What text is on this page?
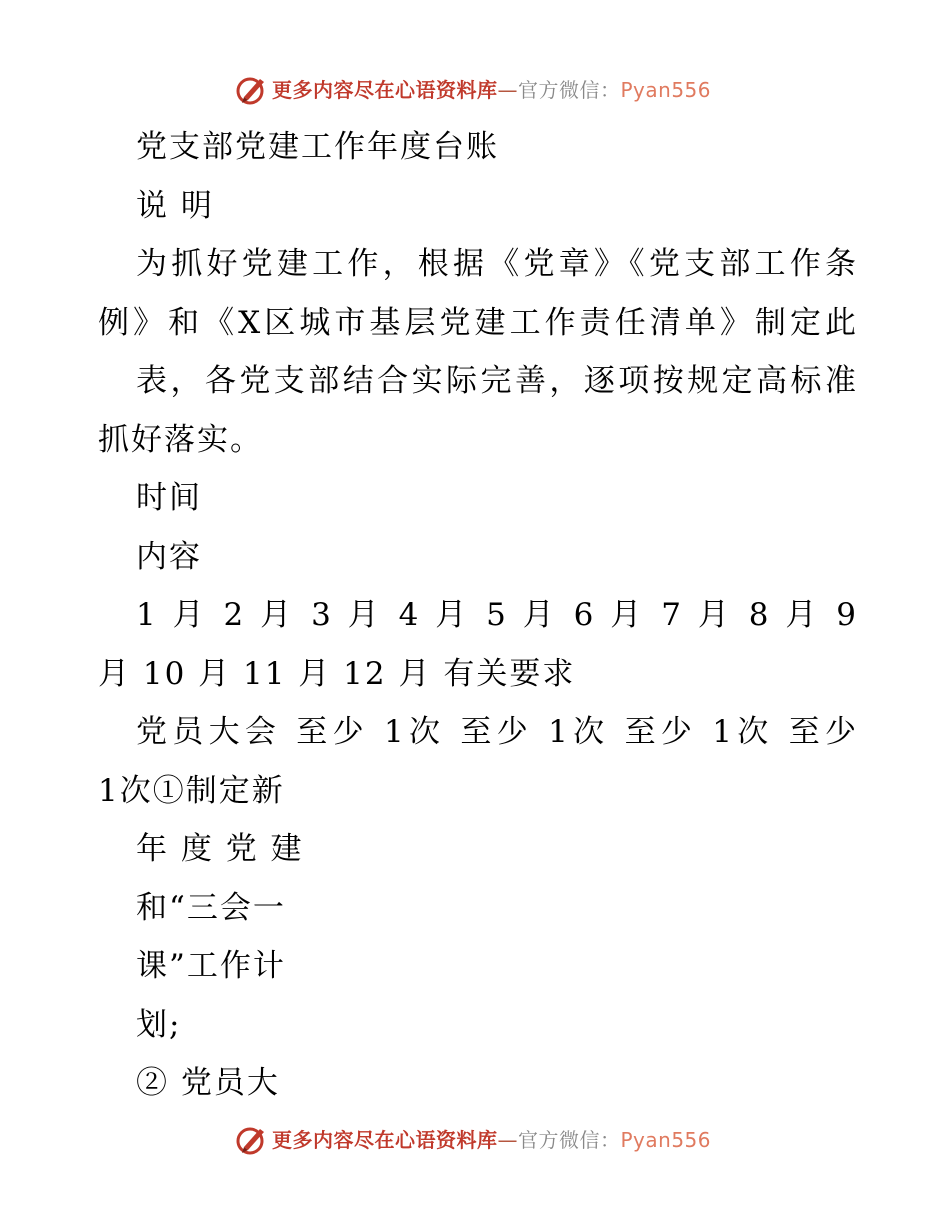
更多内容尽在心语资料库—官方微信：Pyan556
党支部党建工作年度台账
说 明
为抓好党建工作，根据《党章》《党支部工作条
例》和《X区城市基层党建工作责任清单》制定此
表，各党支部结合实际完善，逐项按规定高标准
抓好落实。
时间
内容
1 月 2 月 3 月 4 月 5 月 6 月 7 月 8 月 9
月 10 月 11 月 12 月 有关要求
党员大会 至少 1次 至少 1次 至少 1次 至少
1次①制定新
年 度 党 建
和“三会一
课”工作计
划;
② 党员大
更多内容尽在心语资料库—官方微信：Pyan556
